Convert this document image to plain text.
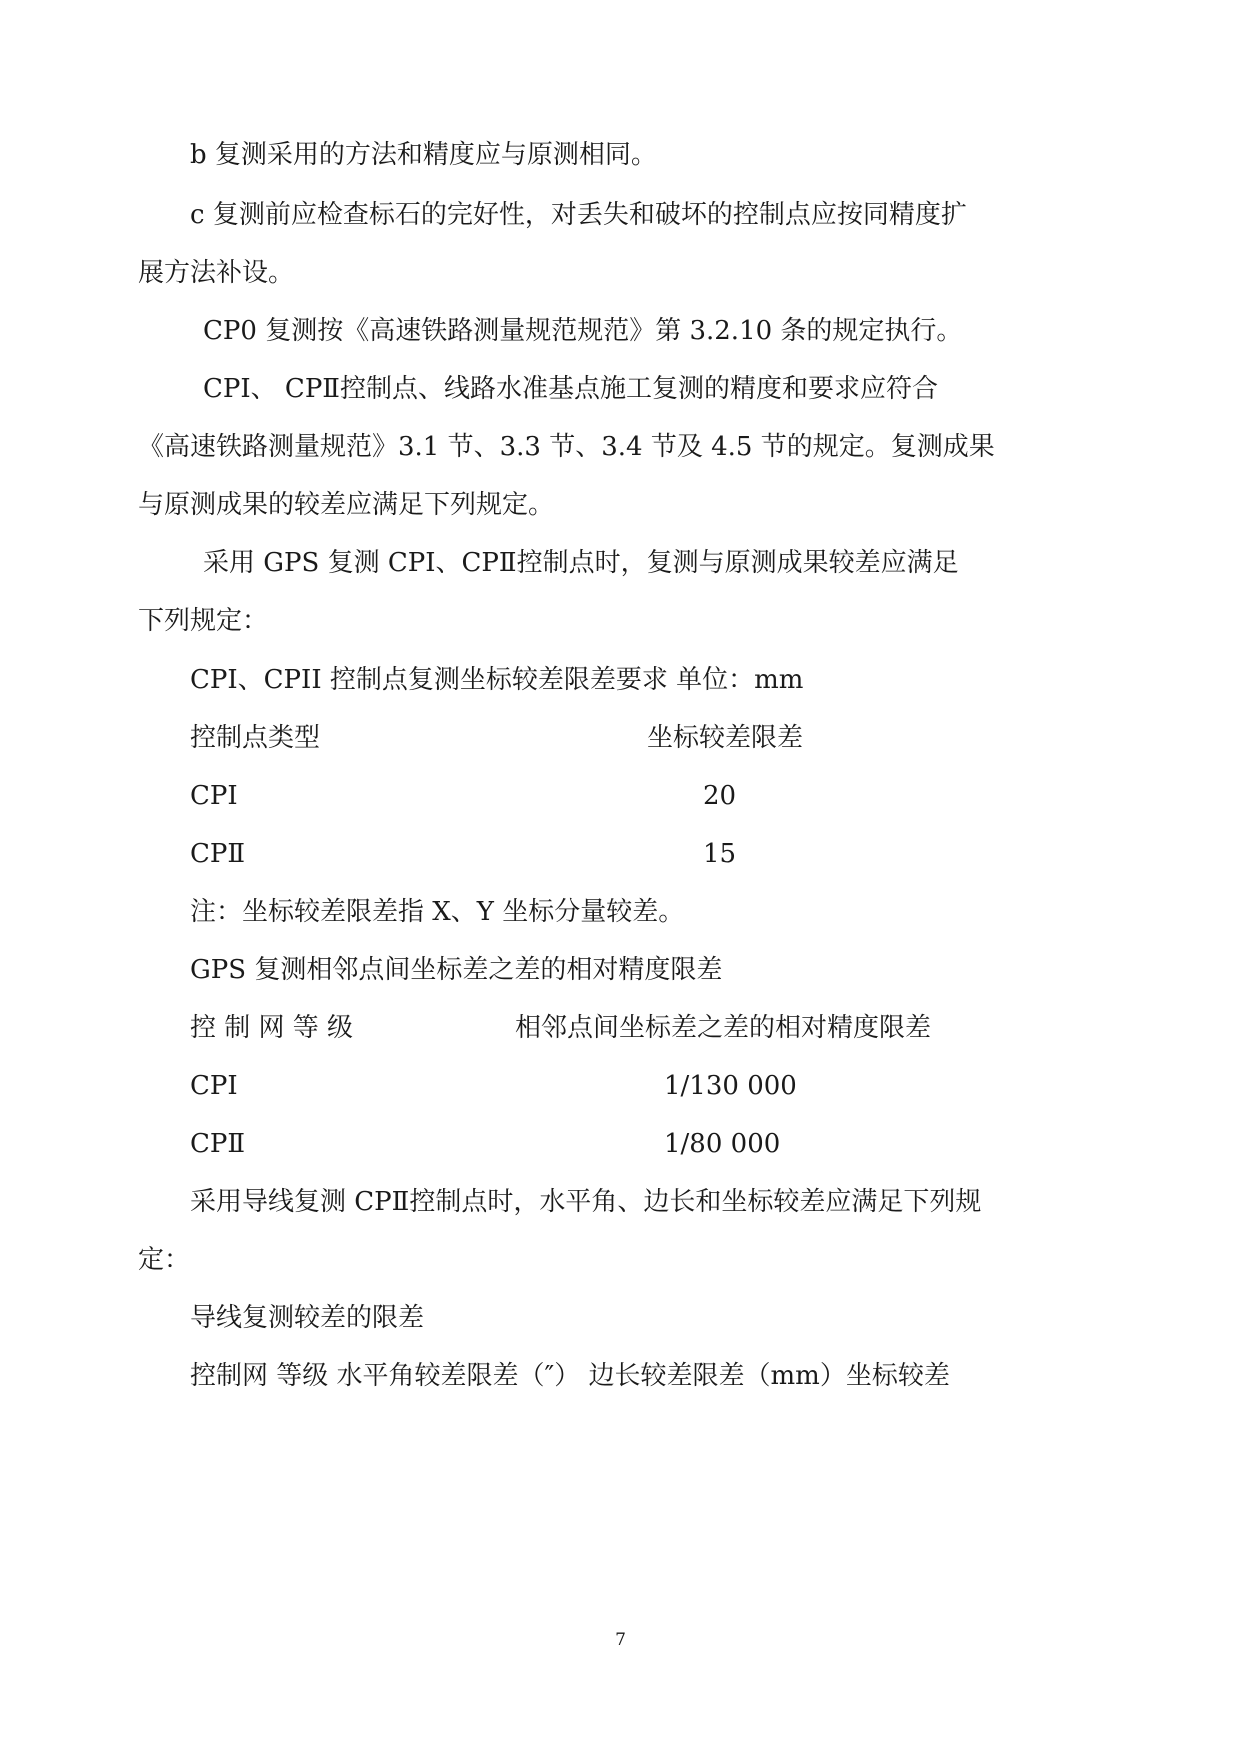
b 复测采用的方法和精度应与原测相同。
c 复测前应检查标石的完好性，对丢失和破坏的控制点应按同精度扩
展方法补设。
CP0 复测按《高速铁路测量规范规范》第 3.2.10 条的规定执行。
CPⅠ、 CPⅡ控制点、线路水准基点施工复测的精度和要求应符合
《高速铁路测量规范》3.1 节、3.3 节、3.4 节及 4.5 节的规定。复测成果
与原测成果的较差应满足下列规定。
采用 GPS 复测 CPⅠ、CPⅡ控制点时，复测与原测成果较差应满足
下列规定：
CPI、CPII 控制点复测坐标较差限差要求 单位：mm
控制点类型	坐标较差限差
CPⅠ	20
CPⅡ	15
注：坐标较差限差指 X、Y 坐标分量较差。
GPS 复测相邻点间坐标差之差的相对精度限差
控 制 网 等 级	相邻点间坐标差之差的相对精度限差
CPⅠ	1/130 000
CPⅡ	1/80 000
采用导线复测 CPⅡ控制点时，水平角、边长和坐标较差应满足下列规
定：
导线复测较差的限差
控制网 等级 水平角较差限差（″） 边长较差限差（mm）坐标较差
7
